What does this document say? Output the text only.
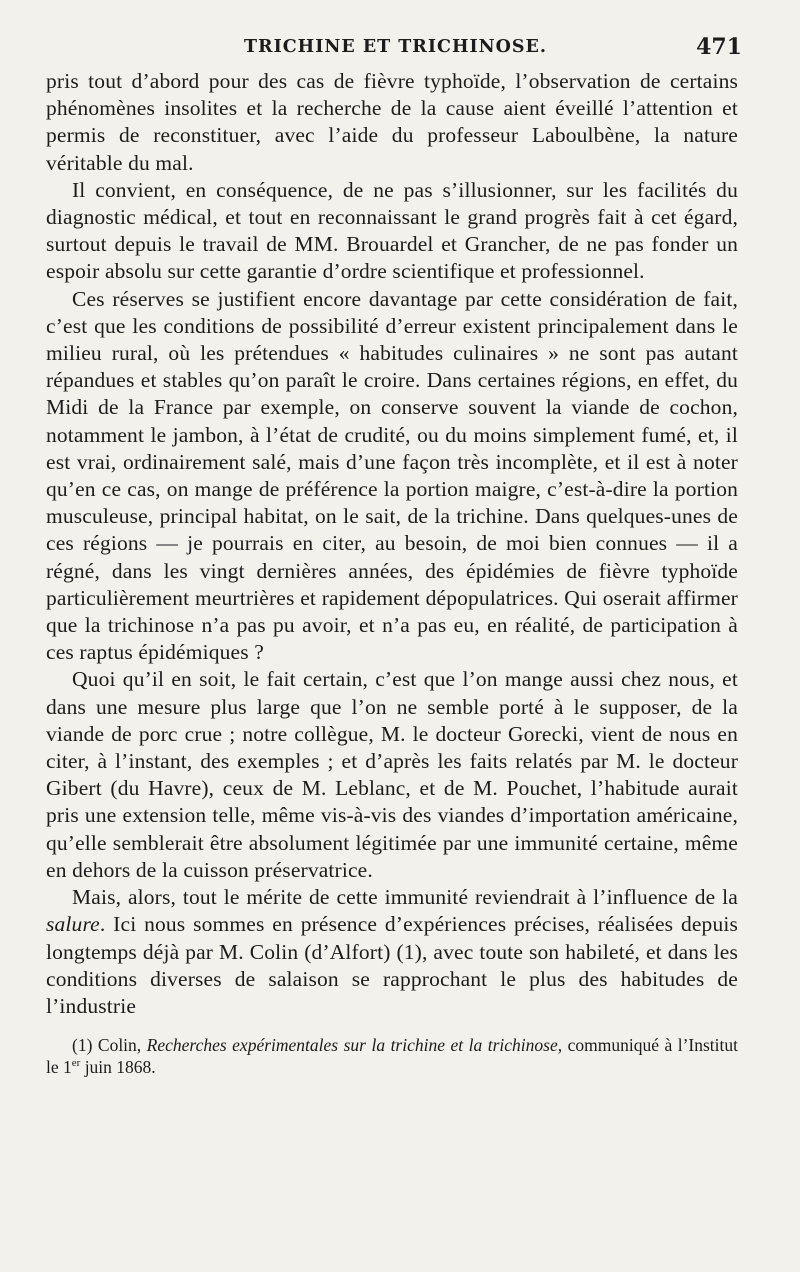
TRICHINE ET TRICHINOSE.	471

pris tout d’abord pour des cas de fièvre typhoïde, l’observation de certains phénomènes insolites et la recherche de la cause aient éveillé l’attention et permis de reconstituer, avec l’aide du professeur Laboulbène, la nature véritable du mal.

Il convient, en conséquence, de ne pas s’illusionner, sur les facilités du diagnostic médical, et tout en reconnaissant le grand progrès fait à cet égard, surtout depuis le travail de MM. Brouardel et Grancher, de ne pas fonder un espoir absolu sur cette garantie d’ordre scientifique et professionnel.

Ces réserves se justifient encore davantage par cette considération de fait, c’est que les conditions de possibilité d’erreur existent principalement dans le milieu rural, où les prétendues « habitudes culinaires » ne sont pas autant répandues et stables qu’on paraît le croire. Dans certaines régions, en effet, du Midi de la France par exemple, on conserve souvent la viande de cochon, notamment le jambon, à l’état de crudité, ou du moins simplement fumé, et, il est vrai, ordinairement salé, mais d’une façon très incomplète, et il est à noter qu’en ce cas, on mange de préférence la portion maigre, c’est-à-dire la portion musculeuse, principal habitat, on le sait, de la trichine. Dans quelques-unes de ces régions — je pourrais en citer, au besoin, de moi bien connues — il a régné, dans les vingt dernières années, des épidémies de fièvre typhoïde particulièrement meurtrières et rapidement dépopulatrices. Qui oserait affirmer que la trichinose n’a pas pu avoir, et n’a pas eu, en réalité, de participation à ces raptus épidémiques ?

Quoi qu’il en soit, le fait certain, c’est que l’on mange aussi chez nous, et dans une mesure plus large que l’on ne semble porté à le supposer, de la viande de porc crue ; notre collègue, M. le docteur Gorecki, vient de nous en citer, à l’instant, des exemples ; et d’après les faits relatés par M. le docteur Gibert (du Havre), ceux de M. Leblanc, et de M. Pouchet, l’habitude aurait pris une extension telle, même vis-à-vis des viandes d’importation américaine, qu’elle semblerait être absolument légitimée par une immunité certaine, même en dehors de la cuisson préservatrice.

Mais, alors, tout le mérite de cette immunité reviendrait à l’influence de la salure. Ici nous sommes en présence d’expériences précises, réalisées depuis longtemps déjà par M. Colin (d’Alfort) (1), avec toute son habileté, et dans les conditions diverses de salaison se rapprochant le plus des habitudes de l’industrie

(1) Colin, Recherches expérimentales sur la trichine et la trichinose, communiqué à l’Institut le 1er juin 1868.
